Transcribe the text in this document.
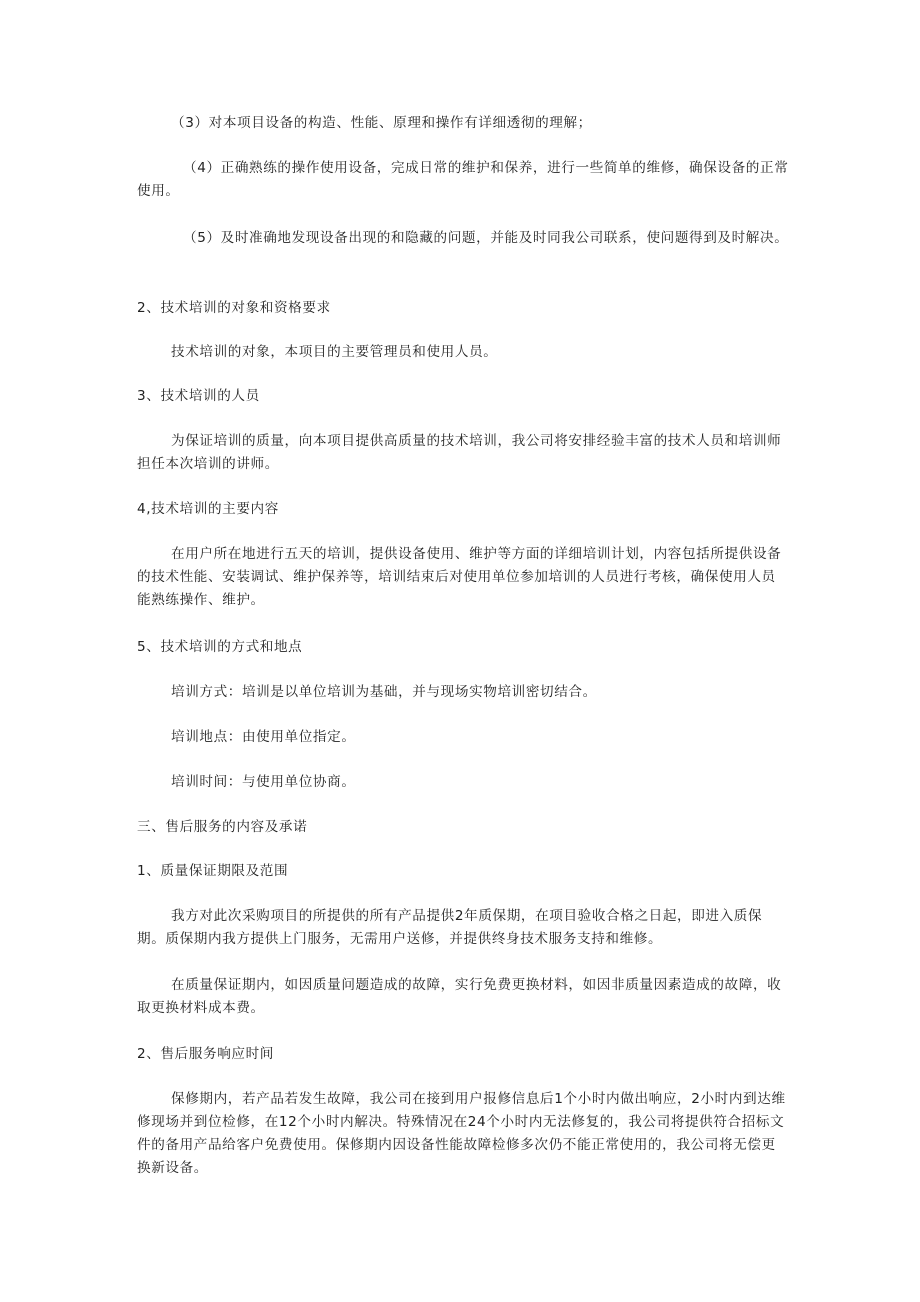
（3）对本项目设备的构造、性能、原理和操作有详细透彻的理解；

（4）正确熟练的操作使用设备，完成日常的维护和保养，进行一些简单的维修，确保设备的正常使用。

（5）及时准确地发现设备出现的和隐藏的问题，并能及时同我公司联系，使问题得到及时解决。

2、技术培训的对象和资格要求

技术培训的对象，本项目的主要管理员和使用人员。

3、技术培训的人员

为保证培训的质量，向本项目提供高质量的技术培训，我公司将安排经验丰富的技术人员和培训师担任本次培训的讲师。

4,技术培训的主要内容

在用户所在地进行五天的培训，提供设备使用、维护等方面的详细培训计划，内容包括所提供设备的技术性能、安装调试、维护保养等，培训结束后对使用单位参加培训的人员进行考核，确保使用人员能熟练操作、维护。

5、技术培训的方式和地点

培训方式：培训是以单位培训为基础，并与现场实物培训密切结合。

培训地点：由使用单位指定。

培训时间：与使用单位协商。

三、售后服务的内容及承诺

1、质量保证期限及范围

我方对此次采购项目的所提供的所有产品提供2年质保期，在项目验收合格之日起，即进入质保期。质保期内我方提供上门服务，无需用户送修，并提供终身技术服务支持和维修。

在质量保证期内，如因质量问题造成的故障，实行免费更换材料，如因非质量因素造成的故障，收取更换材料成本费。

2、售后服务响应时间

保修期内，若产品若发生故障，我公司在接到用户报修信息后1个小时内做出响应，2小时内到达维修现场并到位检修，在12个小时内解决。特殊情况在24个小时内无法修复的，我公司将提供符合招标文件的备用产品给客户免费使用。保修期内因设备性能故障检修多次仍不能正常使用的，我公司将无偿更换新设备。
